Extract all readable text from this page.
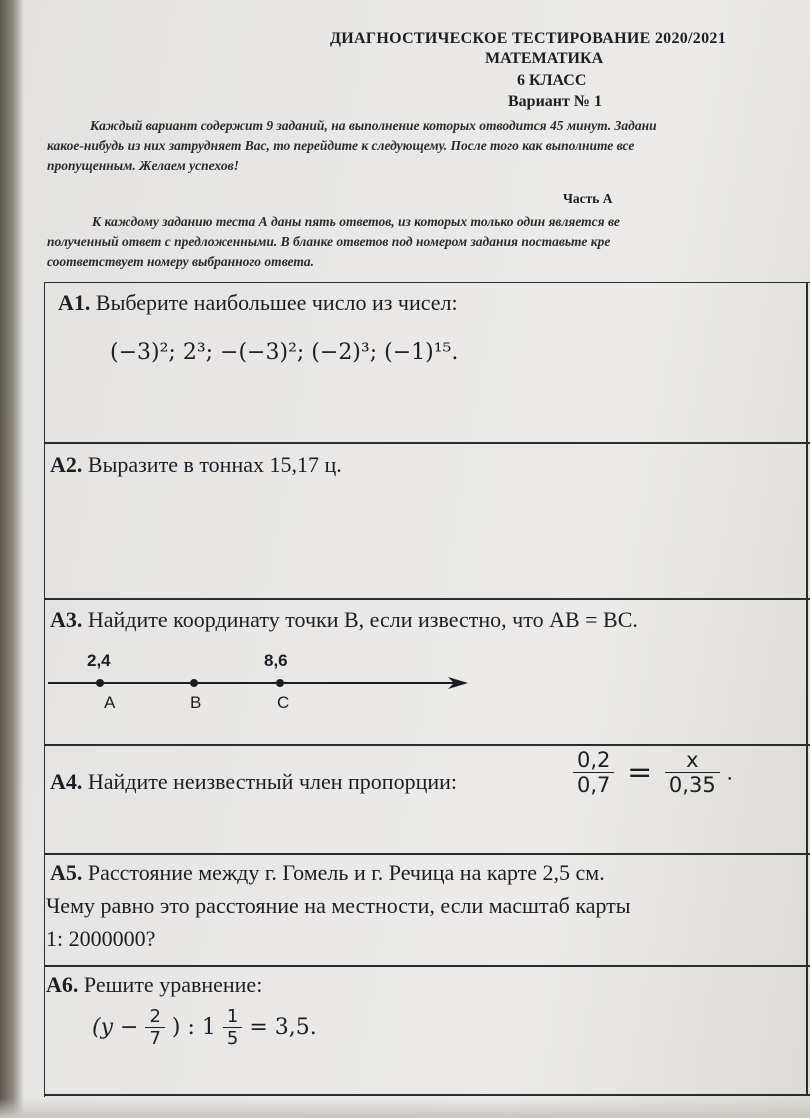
ДИАГНОСТИЧЕСКОЕ ТЕСТИРОВАНИЕ 2020/2021
МАТЕМАТИКА
6 КЛАСС
Вариант № 1
Каждый вариант содержит 9 заданий, на выполнение которых отводится 45 минут. Задани
какое-нибудь из них затрудняет Вас, то перейдите к следующему. После того как выполните все
пропущенным. Желаем успехов!
Часть А
К каждому заданию теста А даны пять ответов, из которых только один является ве
полученный ответ с предложенными. В бланке ответов под номером задания поставьте кре
соответствует номеру выбранного ответа.
А1. Выберите наибольшее число из чисел:
(−3)²; 2³; −(−3)²; (−2)³; (−1)¹⁵.
А2. Выразите в тоннах 15,17 ц.
А3. Найдите координату точки B, если известно, что AB = BC.
2,4	8,6
A	B	C
А4. Найдите неизвестный член пропорции:	$\frac{0,2}{0,7} = \frac{x}{0,35}$ .
А5. Расстояние между г. Гомель и г. Речица на карте 2,5 см.
Чему равно это расстояние на местности, если масштаб карты
1: 2000000?
А6. Решите уравнение:
($y - \frac{2}{7}$ ) : $1 \frac{1}{5} = 3,5$.
